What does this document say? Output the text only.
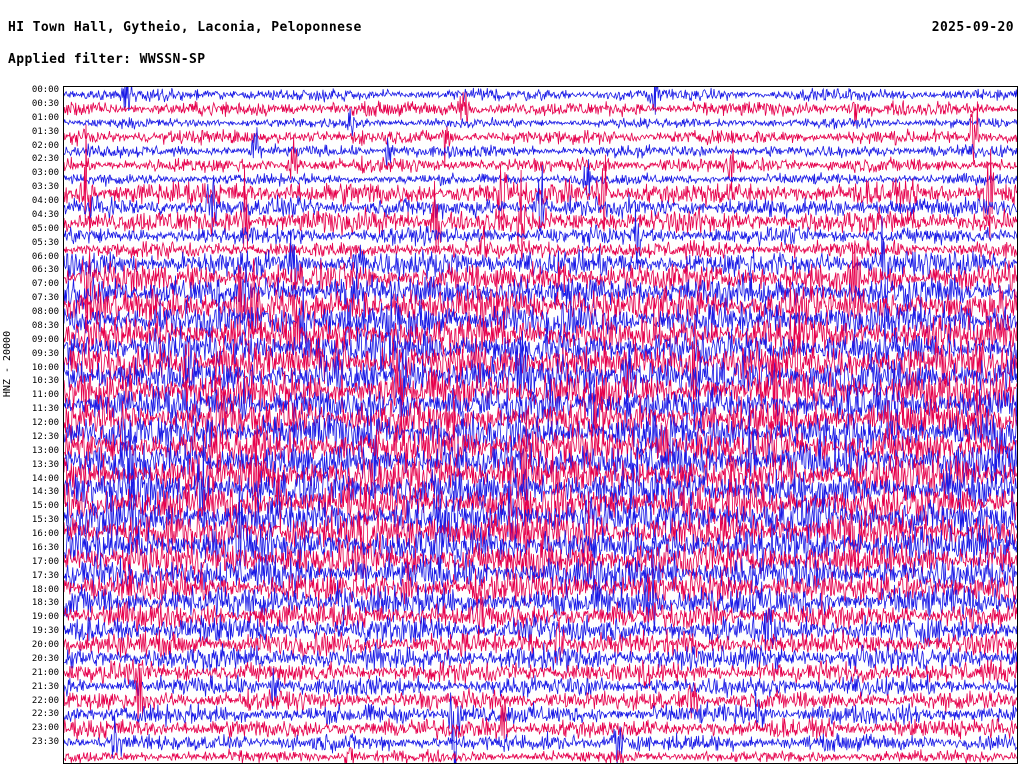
HI Town Hall, Gytheio, Laconia, Peloponnese	2025-09-20
Applied filter: WWSSN-SP
HNZ - 20000
00:00
00:30
01:00
01:30
02:00
02:30
03:00
03:30
04:00
04:30
05:00
05:30
06:00
06:30
07:00
07:30
08:00
08:30
09:00
09:30
10:00
10:30
11:00
11:30
12:00
12:30
13:00
13:30
14:00
14:30
15:00
15:30
16:00
16:30
17:00
17:30
18:00
18:30
19:00
19:30
20:00
20:30
21:00
21:30
22:00
22:30
23:00
23:30
